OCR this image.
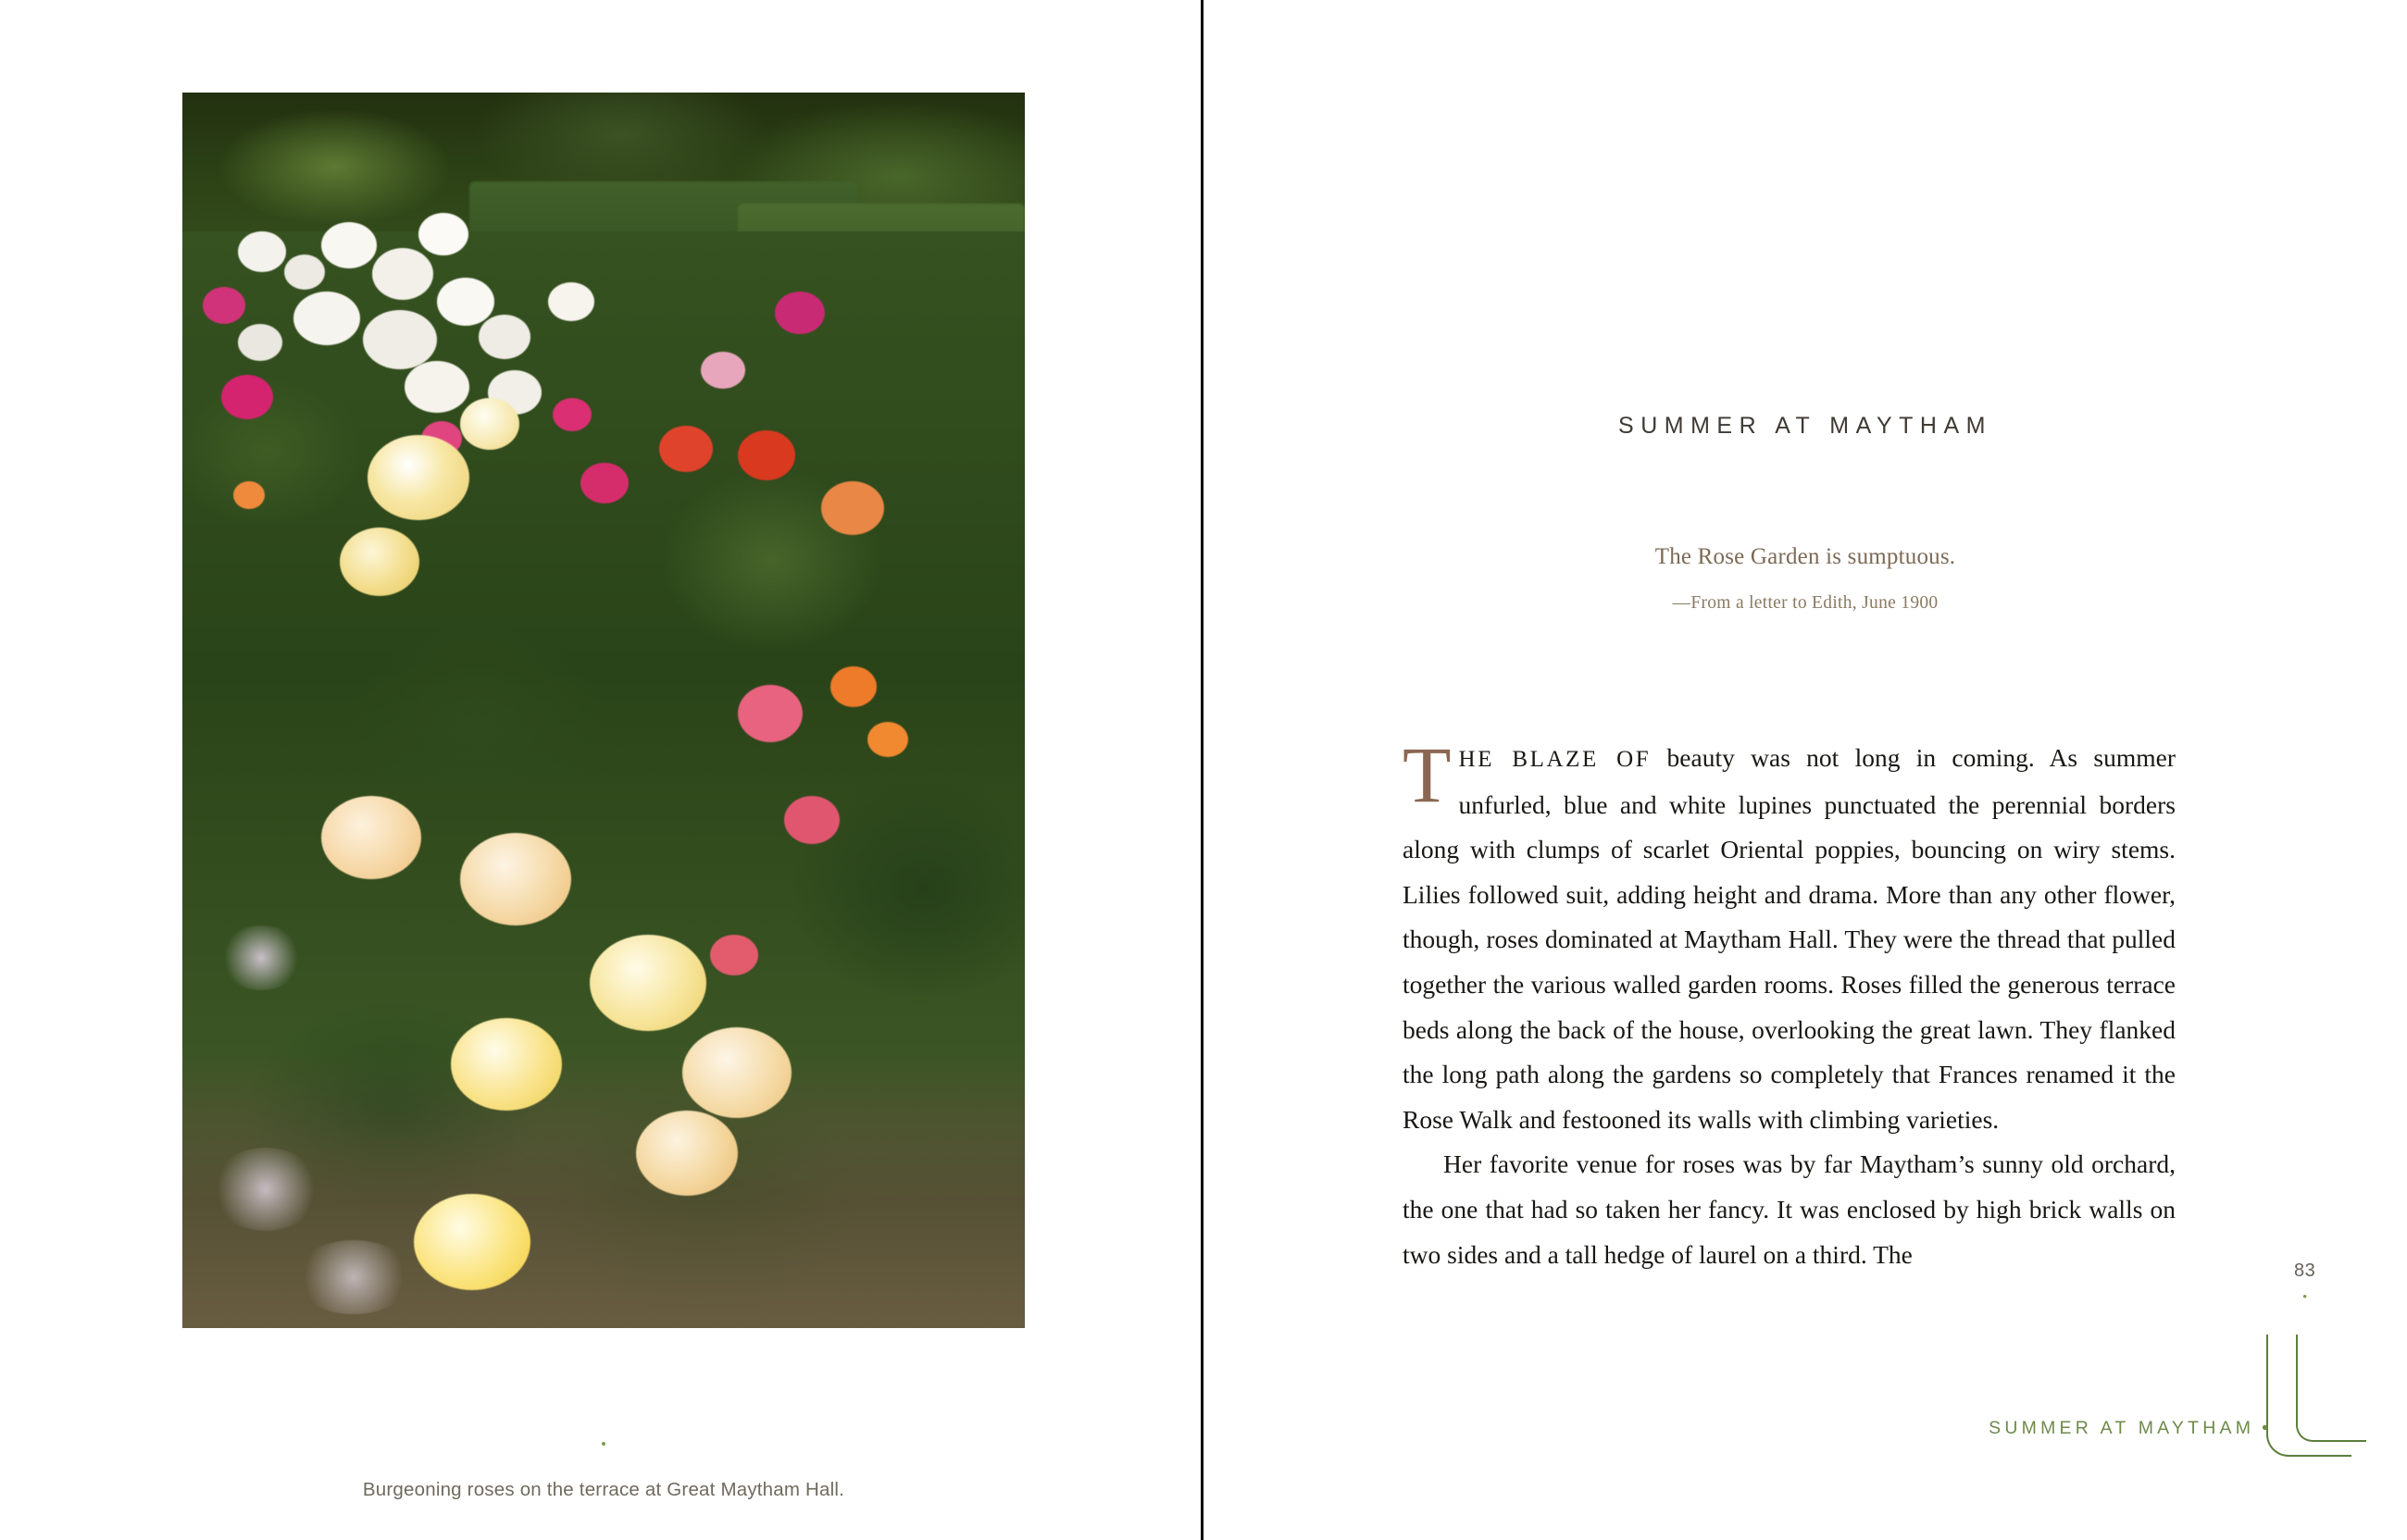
•
Burgeoning roses on the terrace at Great Maytham Hall.
SUMMER AT MAYTHAM
The Rose Garden is sumptuous.
—From a letter to Edith, June 1900

THE BLAZE OF beauty was not long in coming. As summer unfurled, blue and white lupines punctuated the perennial borders along with clumps of scarlet Oriental poppies, bouncing on wiry stems. Lilies followed suit, adding height and drama. More than any other flower, though, roses dominated at Maytham Hall. They were the thread that pulled together the various walled garden rooms. Roses filled the generous terrace beds along the back of the house, overlooking the great lawn. They flanked the long path along the gardens so completely that Frances renamed it the Rose Walk and festooned its walls with climbing varieties.

Her favorite venue for roses was by far Maytham’s sunny old orchard, the one that had so taken her fancy. It was enclosed by high brick walls on two sides and a tall hedge of laurel on a third. The

83
•
SUMMER AT MAYTHAM •
